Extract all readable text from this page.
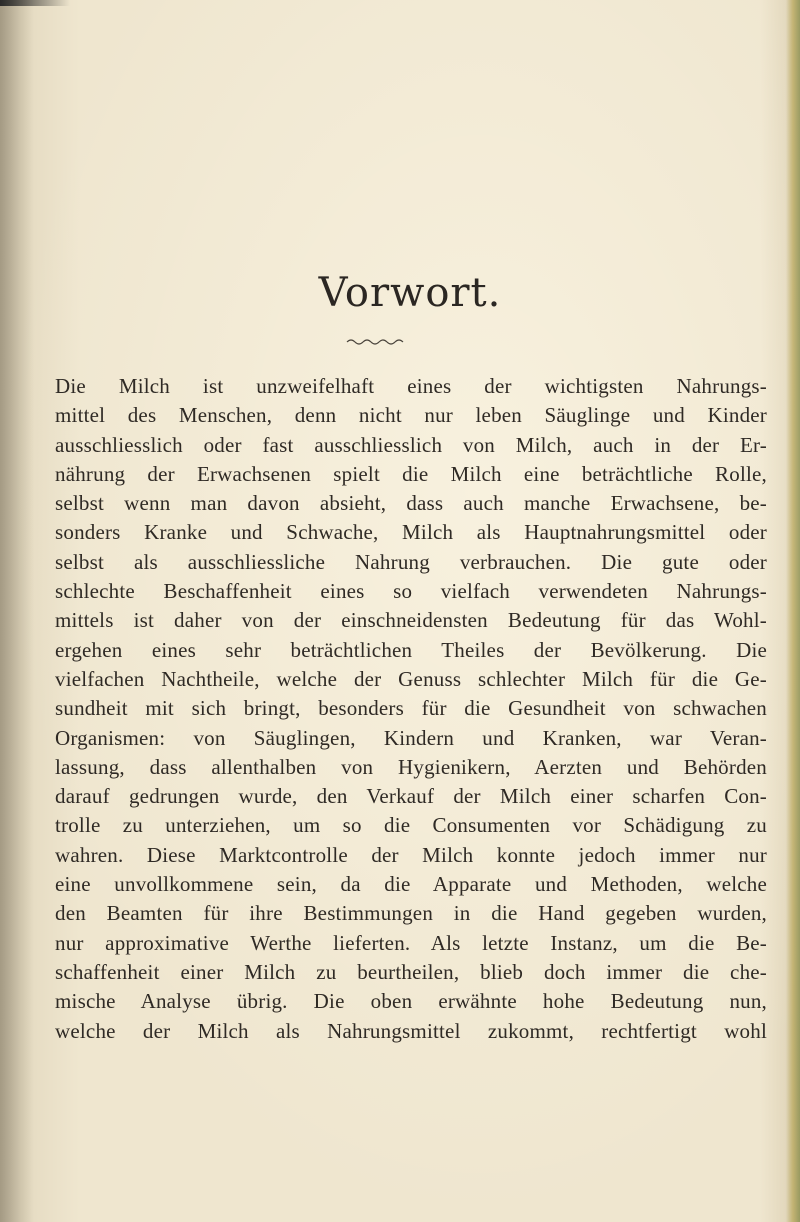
Vorwort.
Die Milch ist unzweifelhaft eines der wichtigsten Nahrungs-
mittel des Menschen, denn nicht nur leben Säuglinge und Kinder
ausschliesslich oder fast ausschliesslich von Milch, auch in der Er-
nährung der Erwachsenen spielt die Milch eine beträchtliche Rolle,
selbst wenn man davon absieht, dass auch manche Erwachsene, be-
sonders Kranke und Schwache, Milch als Hauptnahrungsmittel oder
selbst als ausschliessliche Nahrung verbrauchen. Die gute oder
schlechte Beschaffenheit eines so vielfach verwendeten Nahrungs-
mittels ist daher von der einschneidensten Bedeutung für das Wohl-
ergehen eines sehr beträchtlichen Theiles der Bevölkerung. Die
vielfachen Nachtheile, welche der Genuss schlechter Milch für die Ge-
sundheit mit sich bringt, besonders für die Gesundheit von schwachen
Organismen: von Säuglingen, Kindern und Kranken, war Veran-
lassung, dass allenthalben von Hygienikern, Aerzten und Behörden
darauf gedrungen wurde, den Verkauf der Milch einer scharfen Con-
trolle zu unterziehen, um so die Consumenten vor Schädigung zu
wahren. Diese Marktcontrolle der Milch konnte jedoch immer nur
eine unvollkommene sein, da die Apparate und Methoden, welche
den Beamten für ihre Bestimmungen in die Hand gegeben wurden,
nur approximative Werthe lieferten. Als letzte Instanz, um die Be-
schaffenheit einer Milch zu beurtheilen, blieb doch immer die che-
mische Analyse übrig. Die oben erwähnte hohe Bedeutung nun,
welche der Milch als Nahrungsmittel zukommt, rechtfertigt wohl
